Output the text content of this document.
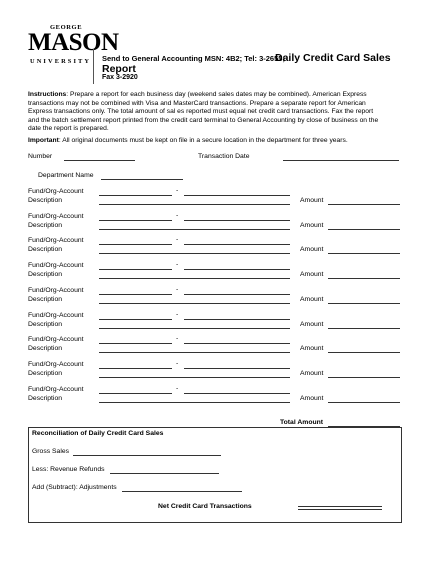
GEORGE
MASON
UNIVERSITY Send to General Accounting MSN: 4B2; Tel: 3-2655;
Daily Credit Card Sales
Report
Fax 3-2920
Instructions: Prepare a report for each business day (weekend sales dates may be combined). American Express transactions may not be combined with Visa and MasterCard transactions. Prepare a separate report for American Express transactions only. The total amount of sal es reported must equal net credit card transactions. Fax the report and the batch settlement report printed from the credit card terminal to General Accounting by close of business on the date the report is prepared.
Important: All original documents must be kept on file in a secure location in the department for three years.
Number	Transaction Date
Department Name
Fund/Org-Account	-
Description	Amount
Fund/Org-Account	-
Description	Amount
Fund/Org-Account	-
Description	Amount
Fund/Org-Account	-
Description	Amount
Fund/Org-Account	-
Description	Amount
Fund/Org-Account	-
Description	Amount
Fund/Org-Account	-
Description	Amount
Fund/Org-Account	-
Description	Amount
Fund/Org-Account	-
Description	Amount
Total Amount
Reconciliation of Daily Credit Card Sales
Gross Sales
Less: Revenue Refunds
Add (Subtract): Adjustments
Net Credit Card Transactions
